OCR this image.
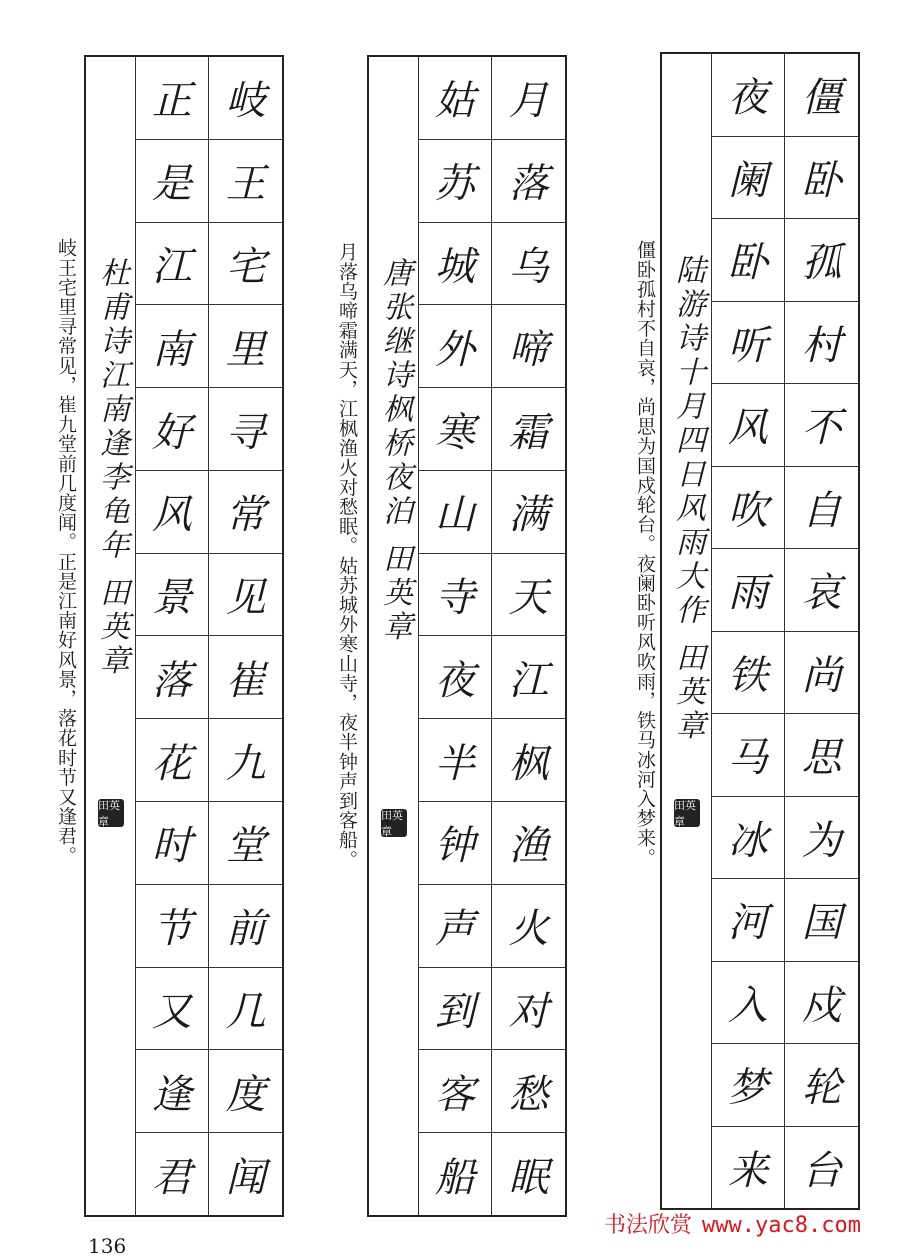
陆游诗十月四日风雨大作 田英章
田英章
夜
阑
卧
听
风
吹
雨
铁
马
冰
河
入
梦
来
僵
卧
孤
村
不
自
哀
尚
思
为
国
戍
轮
台
僵卧孤村不自哀，尚思为国戍轮台。夜阑卧听风吹雨，铁马冰河入梦来。
唐张继诗枫桥夜泊 田英章
田英章
姑
苏
城
外
寒
山
寺
夜
半
钟
声
到
客
船
月
落
乌
啼
霜
满
天
江
枫
渔
火
对
愁
眠
月落乌啼霜满天，江枫渔火对愁眠。姑苏城外寒山寺，夜半钟声到客船。
杜甫诗江南逢李龟年 田英章
田英章
正
是
江
南
好
风
景
落
花
时
节
又
逢
君
岐
王
宅
里
寻
常
见
崔
九
堂
前
几
度
闻
岐王宅里寻常见，崔九堂前几度闻。正是江南好风景，落花时节又逢君。
136
书法欣赏 www.yac8.com
